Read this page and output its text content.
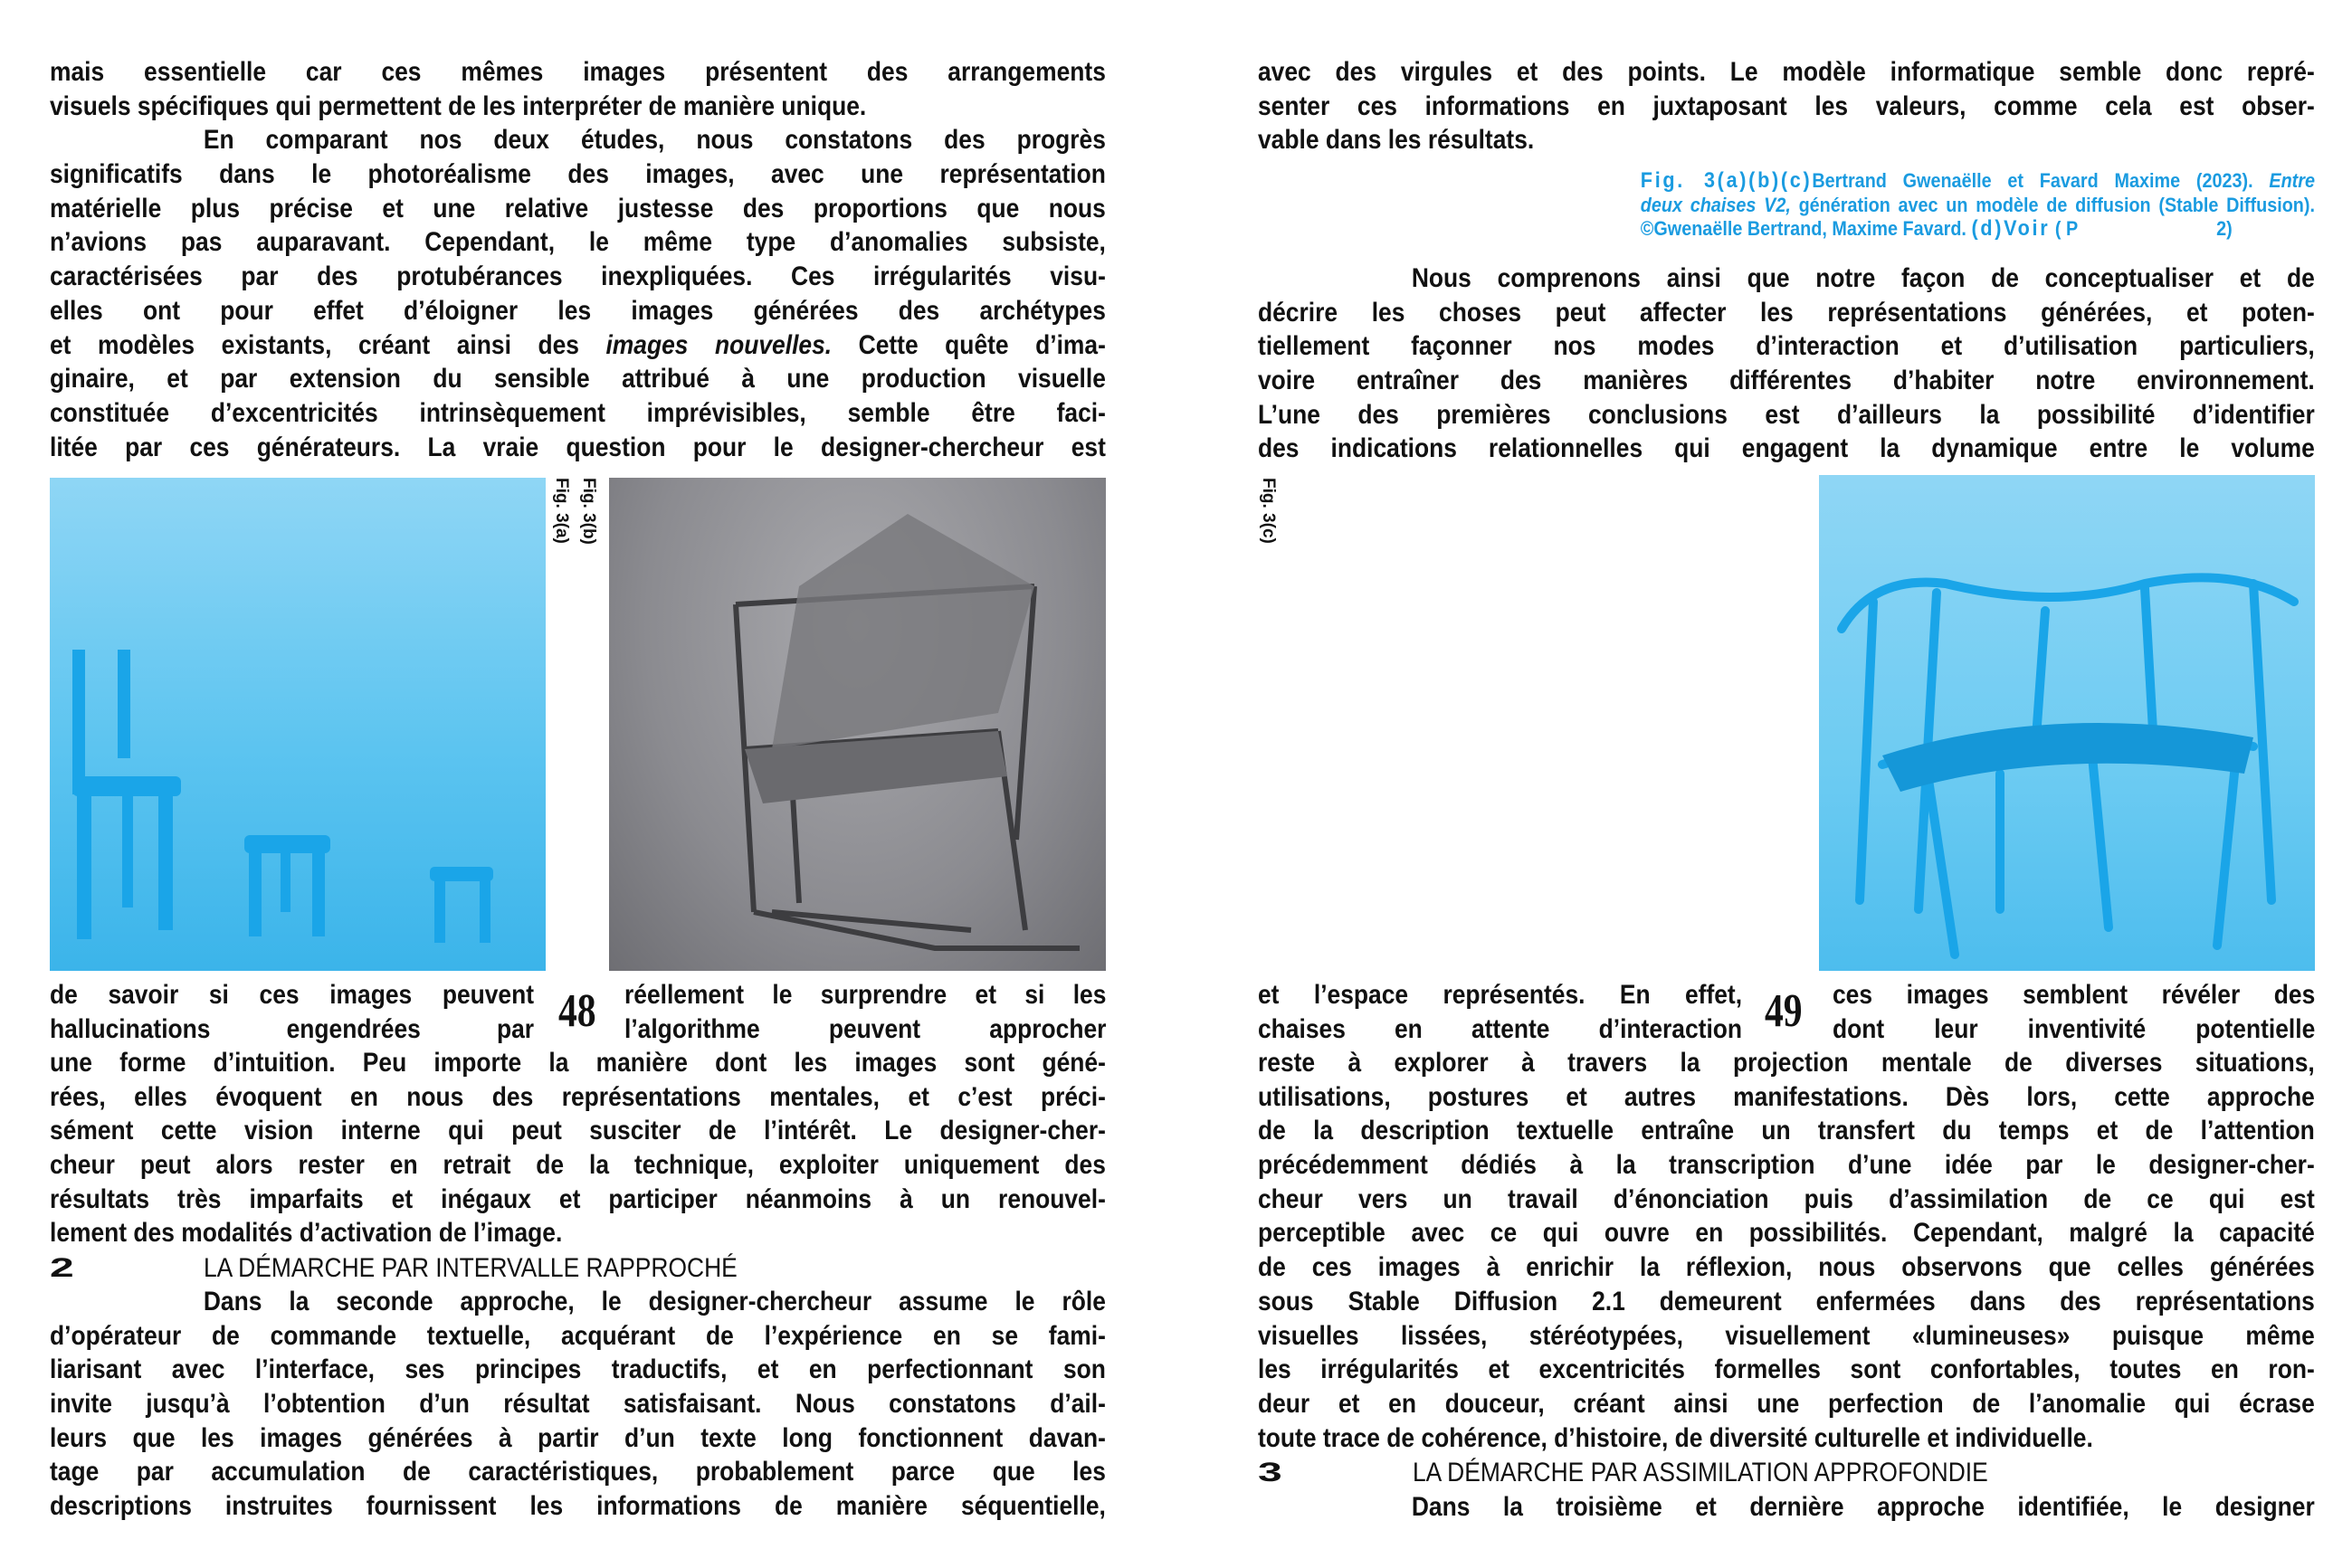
mais essentielle car ces mêmes images présentent des arrangements
visuels spécifiques qui permettent de les interpréter de manière unique.
En comparant nos deux études, nous constatons des progrès
significatifs dans le photoréalisme des images, avec une représentation
matérielle plus précise et une relative justesse des proportions que nous
n’avions pas auparavant. Cependant, le même type d’anomalies subsiste,
caractérisées par des protubérances inexpliquées. Ces irrégularités visu-
elles ont pour effet d’éloigner les images générées des archétypes
et modèles existants, créant ainsi des images nouvelles. Cette quête d’ima-
ginaire, et par extension du sensible attribué à une production visuelle
constituée d’excentricités intrinsèquement imprévisibles, semble être faci-
litée par ces générateurs. La vraie question pour le designer-chercheur est
Fig. 3(a) Fig. 3(b)
de savoir si ces images peuvent
hallucinations engendrées par 48 réellement le surprendre et si les
l’algorithme peuvent approcher
une forme d’intuition. Peu importe la manière dont les images sont géné-
rées, elles évoquent en nous des représentations mentales, et c’est préci-
sément cette vision interne qui peut susciter de l’intérêt. Le designer-cher-
cheur peut alors rester en retrait de la technique, exploiter uniquement des
résultats très imparfaits et inégaux et participer néanmoins à un renouvel-
lement des modalités d’activation de l’image.
2	LA DÉMARCHE PAR INTERVALLE RAPPROCHÉ
Dans la seconde approche, le designer-chercheur assume le rôle
d’opérateur de commande textuelle, acquérant de l’expérience en se fami-
liarisant avec l’interface, ses principes traductifs, et en perfectionnant son
invite jusqu’à l’obtention d’un résultat satisfaisant. Nous constatons d’ail-
leurs que les images générées à partir d’un texte long fonctionnent davan-
tage par accumulation de caractéristiques, probablement parce que les
descriptions instruites fournissent les informations de manière séquentielle,
avec des virgules et des points. Le modèle informatique semble donc repré-
senter ces informations en juxtaposant les valeurs, comme cela est obser-
vable dans les résultats.
Fig. 3(a)(b)(c)Bertrand Gwenaëlle et Favard Maxime (2023). Entre
deux chaises V2, génération avec un modèle de diffusion (Stable Diffusion).
©Gwenaëlle Bertrand, Maxime Favard. (d)Voir ( P	2)
Nous comprenons ainsi que notre façon de conceptualiser et de
décrire les choses peut affecter les représentations générées, et poten-
tiellement façonner nos modes d’interaction et d’utilisation particuliers,
voire entraîner des manières différentes d’habiter notre environnement.
L’une des premières conclusions est d’ailleurs la possibilité d’identifier
des indications relationnelles qui engagent la dynamique entre le volume
Fig. 3(c)
et l’espace représentés. En effet,
chaises en attente d’interaction 49 ces images semblent révéler des
dont leur inventivité potentielle
reste à explorer à travers la projection mentale de diverses situations,
utilisations, postures et autres manifestations. Dès lors, cette approche
de la description textuelle entraîne un transfert du temps et de l’attention
précédemment dédiés à la transcription d’une idée par le designer-cher-
cheur vers un travail d’énonciation puis d’assimilation de ce qui est
perceptible avec ce qui ouvre en possibilités. Cependant, malgré la capacité
de ces images à enrichir la réflexion, nous observons que celles générées
sous Stable Diffusion 2.1 demeurent enfermées dans des représentations
visuelles lissées, stéréotypées, visuellement «lumineuses» puisque même
les irrégularités et excentricités formelles sont confortables, toutes en ron-
deur et en douceur, créant ainsi une perfection de l’anomalie qui écrase
toute trace de cohérence, d’histoire, de diversité culturelle et individuelle.
3	LA DÉMARCHE PAR ASSIMILATION APPROFONDIE
Dans la troisième et dernière approche identifiée, le designer
